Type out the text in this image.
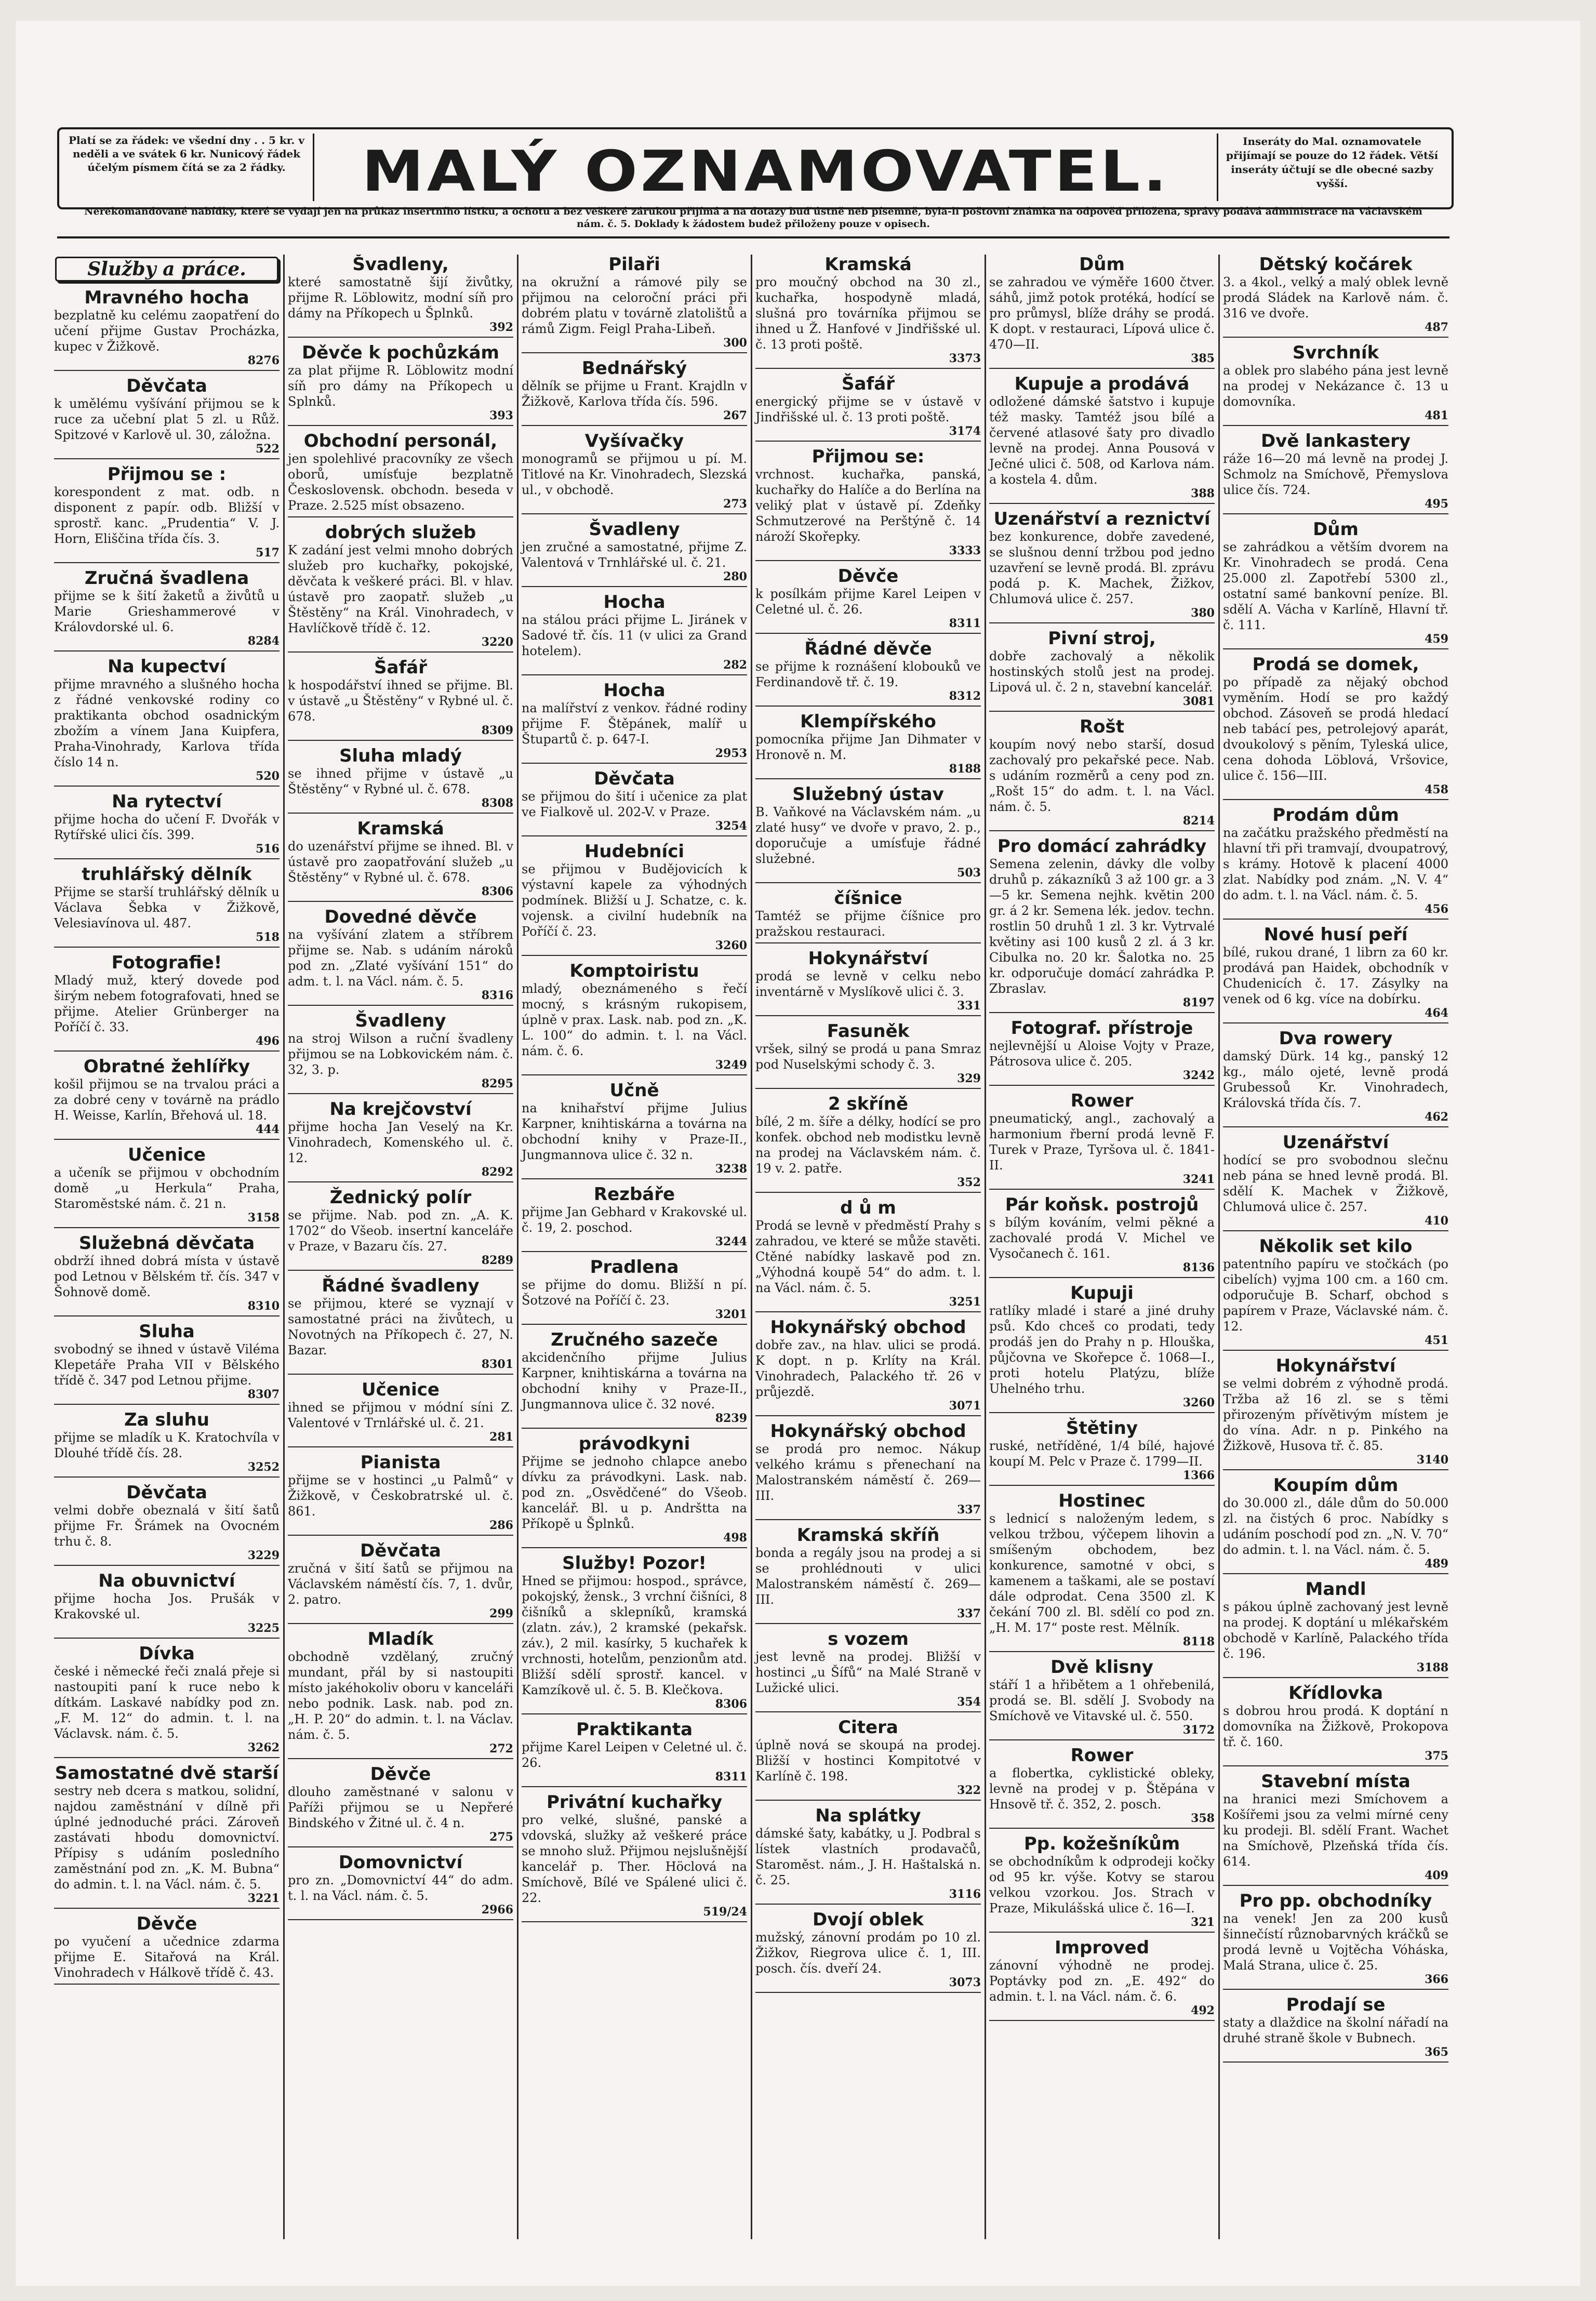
Platí se za řádek: ve všední dny . . 5 kr. v neděli a ve svátek 6 kr. Nunicový řádek účelým písmem čítá se za 2 řádky.	MALÝ OZNAMOVATEL.	Inseráty do Mal. oznamovatele přijímají se pouze do 12 řádek. Větší inseráty účtují se dle obecné sazby vyšší.
Nerekomandované nabídky, které se vydají jen na průkaz insertního lístku, a ochotu a bez veškeré zárukou přijímá a na dotazy buď ústně neb písemně, byla-li poštovní známka na odpověď přiložena, správy podává administrace na Václavském nám. č. 5. Doklady k žádostem budež přiloženy pouze v opisech.
Služby a práce.
Mravného hocha
bezplatně ku celému zaopatření do učení přijme Gustav Procházka, kupec v Žižkově.
8276
Děvčata
k umělému vyšívání přijmou se k ruce za učební plat 5 zl. u Růž. Spitzové v Karlově ul. 30, záložna.
522
Přijmou se :
korespondent z mat. odb. n disponent z papír. odb. Bližší v sprostř. kanc. „Prudentia“ V. J. Horn, Eliščina třída čís. 3.
517
Zručná švadlena
přijme se k šití žaketů a živůtů u Marie Grieshammerové v Královdorské ul. 6.
8284
Na kupectví
přijme mravného a slušného hocha z řádné venkovské rodiny co praktikanta obchod osadnickým zbožím a vínem Jana Kuipfera, Praha-Vinohrady, Karlova třída číslo 14 n.
520
Na rytectví
přijme hocha do učení F. Dvořák v Rytířské ulici čís. 399.
516
truhlářský dělník
Přijme se starší truhlářský dělník u Václava Šebka v Žižkově, Velesiavínova ul. 487.
518
Fotografie!
Mladý muž, který dovede pod širým nebem fotografovati, hned se přijme. Atelier Grünberger na Poříčí č. 33.
496
Obratné žehlířky
košil přijmou se na trvalou práci a za dobré ceny v továrně na prádlo H. Weisse, Karlín, Břehová ul. 18.
444
Učenice
a učeník se přijmou v obchodním domě „u Herkula“ Praha, Staroměstské nám. č. 21 n.
3158
Služebná děvčata
obdrží ihned dobrá místa v ústavě pod Letnou v Bělském tř. čís. 347 v Šohnově domě.
8310
Sluha
svobodný se ihned v ústavě Viléma Klepetáře Praha VII v Bělského třídě č. 347 pod Letnou přijme.
8307
Za sluhu
přijme se mladík u K. Kratochvíla v Dlouhé třídě čís. 28.
3252
Děvčata
velmi dobře obeznalá v šití šatů přijme Fr. Šrámek na Ovocném trhu č. 8.
3229
Na obuvnictví
přijme hocha Jos. Prušák v Krakovské ul.
3225
Dívka
české i německé řeči znalá přeje si nastoupiti paní k ruce nebo k dítkám. Laskavé nabídky pod zn. „F. M. 12“ do admin. t. l. na Václavsk. nám. č. 5.
3262
Samostatné dvě starší
sestry neb dcera s matkou, solidní, najdou zaměstnání v dílně při úplné jednoduché práci. Zároveň zastávati hbodu domovnictví. Přípisy s udáním posledního zaměstnání pod zn. „K. M. Bubna“ do admin. t. l. na Václ. nám. č. 5.
3221
Děvče
po vyučení a učednice zdarma přijme E. Sitařová na Král. Vinohradech v Hálkově třídě č. 43.
Švadleny,
které samostatně šijí živůtky, přijme R. Löblowitz, modní síň pro dámy na Příkopech u Šplnků.
392
Děvče k pochůzkám
za plat přijme R. Löblowitz modní síň pro dámy na Příkopech u Splnků.
393
Obchodní personál,
jen spolehlivé pracovníky ze všech oborů, umísťuje bezplatně Československ. obchodn. beseda v Praze. 2.525 míst obsazeno.
dobrých služeb
K zadání jest velmi mnoho dobrých služeb pro kuchařky, pokojské, děvčata k veškeré práci. Bl. v hlav. ústavě pro zaopatř. služeb „u Štěstěny“ na Král. Vinohradech, v Havlíčkově třídě č. 12.
3220
Šafář
k hospodářství ihned se přijme. Bl. v ústavě „u Štěstěny“ v Rybné ul. č. 678.
8309
Sluha mladý
se ihned přijme v ústavě „u Štěstěny“ v Rybné ul. č. 678.
8308
Kramská
do uzenářství přijme se ihned. Bl. v ústavě pro zaopatřování služeb „u Štěstěny“ v Rybné ul. č. 678.
8306
Dovedné děvče
na vyšívání zlatem a stříbrem přijme se. Nab. s udáním nároků pod zn. „Zlaté vyšívání 151“ do adm. t. l. na Václ. nám. č. 5.
8316
Švadleny
na stroj Wilson a ruční švadleny přijmou se na Lobkovickém nám. č. 32, 3. p.
8295
Na krejčovství
přijme hocha Jan Veselý na Kr. Vinohradech, Komenského ul. č. 12.
8292
Žednický polír
se přijme. Nab. pod zn. „A. K. 1702“ do Všeob. insertní kanceláře v Praze, v Bazaru čís. 27.
8289
Řádné švadleny
se přijmou, které se vyznají v samostatné práci na živůtech, u Novotných na Příkopech č. 27, N. Bazar.
8301
Učenice
ihned se přijmou v módní síni Z. Valentové v Trnlářské ul. č. 21.
281
Pianista
přijme se v hostinci „u Palmů“ v Žižkově, v Českobratrské ul. č. 861.
286
Děvčata
zručná v šití šatů se přijmou na Václavském náměstí čís. 7, 1. dvůr, 2. patro.
299
Mladík
obchodně vzdělaný, zručný mundant, přál by si nastoupiti místo jakéhokoliv oboru v kanceláři nebo podnik. Lask. nab. pod zn. „H. P. 20“ do admin. t. l. na Václav. nám. č. 5.
272
Děvče
dlouho zaměstnané v salonu v Paříži přijmou se u Nepřeré Bindského v Žitné ul. č. 4 n.
275
Domovnictví
pro zn. „Domovnictví 44“ do adm. t. l. na Václ. nám. č. 5.
2966
Pilaři
na okružní a rámové pily se přijmou na celoroční práci při dobrém platu v továrně zlatolištů a rámů Zigm. Feigl Praha-Libeň.
300
Bednářský
dělník se přijme u Frant. Krajdln v Žižkově, Karlova třída čís. 596.
267
Vyšívačky
monogramů se přijmou u pí. M. Titlové na Kr. Vinohradech, Slezská ul., v obchodě.
273
Švadleny
jen zručné a samostatné, přijme Z. Valentová v Trnhlářské ul. č. 21.
280
Hocha
na stálou práci přijme L. Jiránek v Sadové tř. čís. 11 (v ulici za Grand hotelem).
282
Hocha
na malířství z venkov. řádné rodiny přijme F. Štěpánek, malíř u Štupartů č. p. 647-I.
2953
Děvčata
se přijmou do šití i učenice za plat ve Fialkově ul. 202-V. v Praze.
3254
Hudebníci
se přijmou v Budějovicích k výstavní kapele za výhodných podmínek. Bližší u J. Schatze, c. k. vojensk. a civilní hudebník na Poříčí č. 23.
3260
Komptoiristu
mladý, obeznámeného s řečí mocný, s krásným rukopisem, úplně v prax. Lask. nab. pod zn. „K. L. 100“ do admin. t. l. na Václ. nám. č. 6.
3249
Učně
na knihařství přijme Julius Karpner, knihtiskárna a továrna na obchodní knihy v Praze-II., Jungmannova ulice č. 32 n.
3238
Rezbáře
přijme Jan Gebhard v Krakovské ul. č. 19, 2. poschod.
3244
Pradlena
se přijme do domu. Bližší n pí. Šotzové na Poříčí č. 23.
3201
Zručného sazeče
akcidenčního přijme Julius Karpner, knihtiskárna a továrna na obchodní knihy v Praze-II., Jungmannova ulice č. 32 nové.
8239
právodkyni
Přijme se jednoho chlapce anebo dívku za právodkyni. Lask. nab. pod zn. „Osvědčené“ do Všeob. kancelář. Bl. u p. Andrštta na Příkopě u Šplnků.
498
Služby! Pozor!
Hned se přijmou: hospod., správce, pokojský, žensk., 3 vrchní čišníci, 8 čišníků a sklepníků, kramská (zlatn. záv.), 2 kramské (pekařsk. záv.), 2 mil. kasírky, 5 kuchařek k vrchnosti, hotelům, penzionům atd. Bližší sdělí sprostř. kancel. v Kamzíkově ul. č. 5. B. Klečkova.
8306
Praktikanta
přijme Karel Leipen v Celetné ul. č. 26.
8311
Privátní kuchařky
pro velké, slušné, panské a vdovská, služky až veškeré práce se mnoho služ. Přijmou nejslušnější kancelář p. Ther. Höclová na Smíchově, Bílé ve Spálené ulici č. 22.
519/24
Kramská
pro moučný obchod na 30 zl., kuchařka, hospodyně mladá, slušná pro továrníka přijmou se ihned u Ž. Hanfové v Jindřišské ul. č. 13 proti poště.
3373
Šafář
energický přijme se v ústavě v Jindřišské ul. č. 13 proti poště.
3174
Přijmou se:
vrchnost. kuchařka, panská, kuchařky do Halíče a do Berlína na veliký plat v ústavě pí. Zdeňky Schmutzerové na Perštýně č. 14 nároží Skořepky.
3333
Děvče
k posílkám přijme Karel Leipen v Celetné ul. č. 26.
8311
Řádné děvče
se přijme k roznášení klobouků ve Ferdinandově tř. č. 19.
8312
Klempířského
pomocníka přijme Jan Dihmater v Hronově n. M.
8188
Služebný ústav
B. Vaňkové na Václavském nám. „u zlaté husy“ ve dvoře v pravo, 2. p., doporučuje a umísťuje řádné služebné.
503
číšnice
Tamtéž se přijme číšnice pro pražskou restauraci.
Hokynářství
prodá se levně v celku nebo inventárně v Myslíkově ulici č. 3.
331
Fasuněk
vršek, silný se prodá u pana Smraz pod Nuselskými schody č. 3.
329
2 skříně
bílé, 2 m. šíře a délky, hodící se pro konfek. obchod neb modistku levně na prodej na Václavském nám. č. 19 v. 2. patře.
352
d ů m
Prodá se levně v předměstí Prahy s zahradou, ve které se může stavěti. Ctěné nabídky laskavě pod zn. „Výhodná koupě 54“ do adm. t. l. na Václ. nám. č. 5.
3251
Hokynářský obchod
dobře zav., na hlav. ulici se prodá. K dopt. n p. Krlíty na Král. Vinohradech, Palackého tř. 26 v průjezdě.
3071
Hokynářský obchod
se prodá pro nemoc. Nákup velkého krámu s přenechaní na Malostranském náměstí č. 269—III.
337
Kramská skříň
bonda a regály jsou na prodej a si se prohlédnouti v ulici Malostranském náměstí č. 269—III.
337
s vozem
jest levně na prodej. Bližší v hostinci „u Šífů“ na Malé Straně v Lužické ulici.
354
Citera
úplně nová se skoupá na prodej. Bližší v hostinci Kompitotvé v Karlíně č. 198.
322
Na splátky
dámské šaty, kabátky, u J. Podbral s lístek vlastních prodavačů, Staroměst. nám., J. H. Haštalská n. č. 25.
3116
Dvojí oblek
mužský, zánovní prodám po 10 zl. Žižkov, Riegrova ulice č. 1, III. posch. čís. dveří 24.
3073
Dům
se zahradou ve výměře 1600 čtver. sáhů, jimž potok protéká, hodící se pro průmysl, blíže dráhy se prodá. K dopt. v restauraci, Lípová ulice č. 470—II.
385
Kupuje a prodává
odložené dámské šatstvo i kupuje též masky. Tamtéž jsou bílé a červené atlasové šaty pro divadlo levně na prodej. Anna Pousová v Ječné ulici č. 508, od Karlova nám. a kostela 4. dům.
388
Uzenářství a reznictví
bez konkurence, dobře zavedené, se slušnou denní tržbou pod jedno uzavření se levně prodá. Bl. zprávu podá p. K. Machek, Žižkov, Chlumová ulice č. 257.
380
Pivní stroj,
dobře zachovalý a několik hostinských stolů jest na prodej. Lipová ul. č. 2 n, stavební kancelář.
3081
Rošt
koupím nový nebo starší, dosud zachovalý pro pekařské pece. Nab. s udáním rozměrů a ceny pod zn. „Rošt 15“ do adm. t. l. na Václ. nám. č. 5.
8214
Pro domácí zahrádky
Semena zelenin, dávky dle volby druhů p. zákazníků 3 až 100 gr. a 3—5 kr. Semena nejhk. květin 200 gr. á 2 kr. Semena lék. jedov. techn. rostlin 50 druhů 1 zl. 3 kr. Vytrvalé květiny asi 100 kusů 2 zl. á 3 kr. Cibulka no. 20 kr. Šalotka no. 25 kr. odporučuje domácí zahrádka P. Zbraslav.
8197
Fotograf. přístroje
nejlevnější u Aloise Vojty v Praze, Pátrosova ulice č. 205.
3242
Rower
pneumatický, angl., zachovalý a harmonium řberní prodá levně F. Turek v Praze, Tyršova ul. č. 1841-II.
3241
Pár koňsk. postrojů
s bílým kováním, velmi pěkné a zachovalé prodá V. Michel ve Vysočanech č. 161.
8136
Kupuji
ratlíky mladé i staré a jiné druhy psů. Kdo chceš co prodati, tedy prodáš jen do Prahy n p. Hlouška, půjčovna ve Skořepce č. 1068—I., proti hotelu Platýzu, blíže Uhelného trhu.
3260
Štětiny
ruské, netříděné, 1/4 bílé, hajové koupí M. Pelc v Praze č. 1799—II.
1366
Hostinec
s lednicí s naloženým ledem, s velkou tržbou, výčepem lihovin a smíšeným obchodem, bez konkurence, samotné v obci, s kamenem a taškami, ale se postaví dále odprodat. Cena 3500 zl. K čekání 700 zl. Bl. sdělí co pod zn. „H. M. 17“ poste rest. Mělník.
8118
Dvě klisny
stáří 1 a hřibětem a 1 ohřebenilá, prodá se. Bl. sdělí J. Svobody na Smíchově ve Vitavské ul. č. 550.
3172
Rower
a flobertka, cyklistické obleky, levně na prodej v p. Štěpána v Hnsově tř. č. 352, 2. posch.
358
Pp. kožešníkům
se obchodníkům k odprodeji kočky od 95 kr. výše. Kotvy se starou velkou vzorkou. Jos. Strach v Praze, Mikulášská ulice č. 16—I.
321
Improved
zánovní výhodně ne prodej. Poptávky pod zn. „E. 492“ do admin. t. l. na Václ. nám. č. 6.
492
Dětský kočárek
3. a 4kol., velký a malý oblek levně prodá Sládek na Karlově nám. č. 316 ve dvoře.
487
Svrchník
a oblek pro slabého pána jest levně na prodej v Nekázance č. 13 u domovníka.
481
Dvě lankastery
ráže 16—20 má levně na prodej J. Schmolz na Smíchově, Přemyslova ulice čís. 724.
495
Dům
se zahrádkou a větším dvorem na Kr. Vinohradech se prodá. Cena 25.000 zl. Zapotřebí 5300 zl., ostatní samé bankovní peníze. Bl. sdělí A. Vácha v Karlíně, Hlavní tř. č. 111.
459
Prodá se domek,
po případě za nějaký obchod vyměním. Hodí se pro každý obchod. Zásoveň se prodá hledací neb tabácí pes, petrolejový aparát, dvoukolový s pěním, Tyleská ulice, cena dohoda Löblová, Vršovice, ulice č. 156—III.
458
Prodám dům
na začátku pražského předměstí na hlavní tři při tramvají, dvoupatrový, s krámy. Hotově k placení 4000 zlat. Nabídky pod znám. „N. V. 4“ do adm. t. l. na Václ. nám. č. 5.
456
Nové husí peří
bílé, rukou drané, 1 librn za 60 kr. prodává pan Haidek, obchodník v Chudenicích č. 17. Zásylky na venek od 6 kg. více na dobírku.
464
Dva rowery
damský Dürk. 14 kg., panský 12 kg., málo ojeté, levně prodá Grubessoů Kr. Vinohradech, Královská třída čís. 7.
462
Uzenářství
hodící se pro svobodnou slečnu neb pána se hned levně prodá. Bl. sdělí K. Machek v Žižkově, Chlumová ulice č. 257.
410
Několik set kilo
patentního papíru ve stočkách (po cibelích) vyjma 100 cm. a 160 cm. odporučuje B. Scharf, obchod s papírem v Praze, Václavské nám. č. 12.
451
Hokynářství
se velmi dobrém z výhodně prodá. Tržba až 16 zl. se s těmi přirozeným přívětivým místem je do vína. Adr. n p. Pinkého na Žižkově, Husova tř. č. 85.
3140
Koupím dům
do 30.000 zl., dále dům do 50.000 zl. na čistých 6 proc. Nabídky s udáním poschodí pod zn. „N. V. 70“ do admin. t. l. na Václ. nám. č. 5.
489
Mandl
s pákou úplně zachovaný jest levně na prodej. K doptání u mlékařském obchodě v Karlíně, Palackého třída č. 196.
3188
Křídlovka
s dobrou hrou prodá. K doptání n domovníka na Žižkově, Prokopova tř. č. 160.
375
Stavební místa
na hranici mezi Smíchovem a Košířemi jsou za velmi mírné ceny ku prodeji. Bl. sdělí Frant. Wachet na Smíchově, Plzeňská třída čís. 614.
409
Pro pp. obchodníky
na venek! Jen za 200 kusů šinnečístí různobarvných kráčků se prodá levně u Vojtěcha Vóháska, Malá Strana, ulice č. 25.
366
Prodají se
staty a dlaždice na školní nářadí na druhé straně škole v Bubnech.
365
